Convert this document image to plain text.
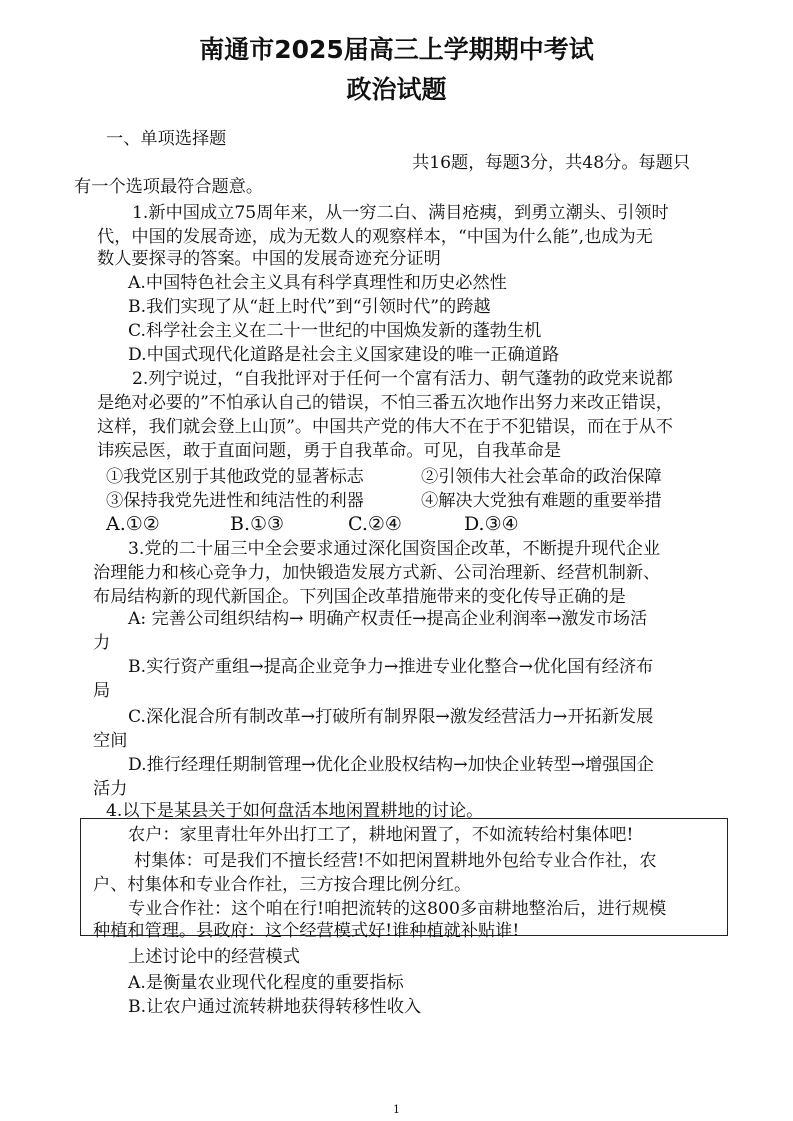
南通市2025届高三上学期期中考试
政治试题
一、单项选择题
共16题，每题3分，共48分。每题只
有一个选项最符合题意。
1.新中国成立75周年来，从一穷二白、满目疮痍，到勇立潮头、引领时
代，中国的发展奇迹，成为无数人的观察样本，“中国为什么能”,也成为无
数人要探寻的答案。中国的发展奇迹充分证明
A.中国特色社会主义具有科学真理性和历史必然性
B.我们实现了从“赶上时代”到“引领时代”的跨越
C.科学社会主义在二十一世纪的中国焕发新的蓬勃生机
D.中国式现代化道路是社会主义国家建设的唯一正确道路
2.列宁说过，“自我批评对于任何一个富有活力、朝气蓬勃的政党来说都
是绝对必要的”不怕承认自己的错误，不怕三番五次地作出努力来改正错误，
这样，我们就会登上山顶”。中国共产党的伟大不在于不犯错误，而在于从不
讳疾忌医，敢于直面问题，勇于自我革命。可见，自我革命是
①我党区别于其他政党的显著标志	②引领伟大社会革命的政治保障
③保持我党先进性和纯洁性的利器	④解决大党独有难题的重要举措
A.①②	B.①③	C.②④	D.③④
3.党的二十届三中全会要求通过深化国资国企改革，不断提升现代企业
治理能力和核心竞争力，加快锻造发展方式新、公司治理新、经营机制新、
布局结构新的现代新国企。下列国企改革措施带来的变化传导正确的是
A: 完善公司组织结构→ 明确产权责任→提高企业利润率→激发市场活
力
B.实行资产重组→提高企业竞争力→推进专业化整合→优化国有经济布
局
C.深化混合所有制改革→打破所有制界限→激发经营活力→开拓新发展
空间
D.推行经理任期制管理→优化企业股权结构→加快企业转型→增强国企
活力
4.以下是某县关于如何盘活本地闲置耕地的讨论。
农户：家里青壮年外出打工了，耕地闲置了，不如流转给村集体吧!
村集体：可是我们不擅长经营!不如把闲置耕地外包给专业合作社，农
户、村集体和专业合作社，三方按合理比例分红。
专业合作社：这个咱在行!咱把流转的这800多亩耕地整治后，进行规模
种植和管理。县政府：这个经营模式好!谁种植就补贴谁!
上述讨论中的经营模式
A.是衡量农业现代化程度的重要指标
B.让农户通过流转耕地获得转移性收入
1
